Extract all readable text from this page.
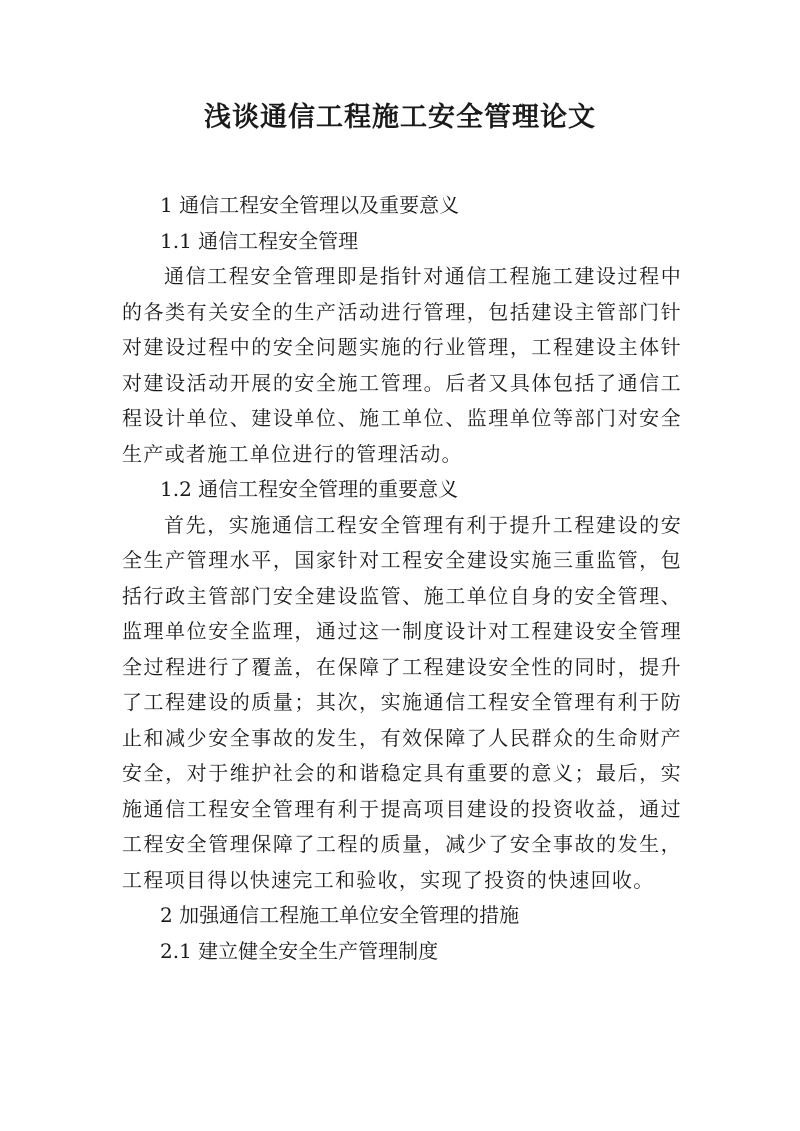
浅谈通信工程施工安全管理论文

1 通信工程安全管理以及重要意义

1.1 通信工程安全管理

通信工程安全管理即是指针对通信工程施工建设过程中的各类有关安全的生产活动进行管理，包括建设主管部门针对建设过程中的安全问题实施的行业管理，工程建设主体针对建设活动开展的安全施工管理。后者又具体包括了通信工程设计单位、建设单位、施工单位、监理单位等部门对安全生产或者施工单位进行的管理活动。

1.2 通信工程安全管理的重要意义

首先，实施通信工程安全管理有利于提升工程建设的安全生产管理水平，国家针对工程安全建设实施三重监管，包括行政主管部门安全建设监管、施工单位自身的安全管理、监理单位安全监理，通过这一制度设计对工程建设安全管理全过程进行了覆盖，在保障了工程建设安全性的同时，提升了工程建设的质量；其次，实施通信工程安全管理有利于防止和减少安全事故的发生，有效保障了人民群众的生命财产安全，对于维护社会的和谐稳定具有重要的意义；最后，实施通信工程安全管理有利于提高项目建设的投资收益，通过工程安全管理保障了工程的质量，减少了安全事故的发生，工程项目得以快速完工和验收，实现了投资的快速回收。

2 加强通信工程施工单位安全管理的措施

2.1 建立健全安全生产管理制度
